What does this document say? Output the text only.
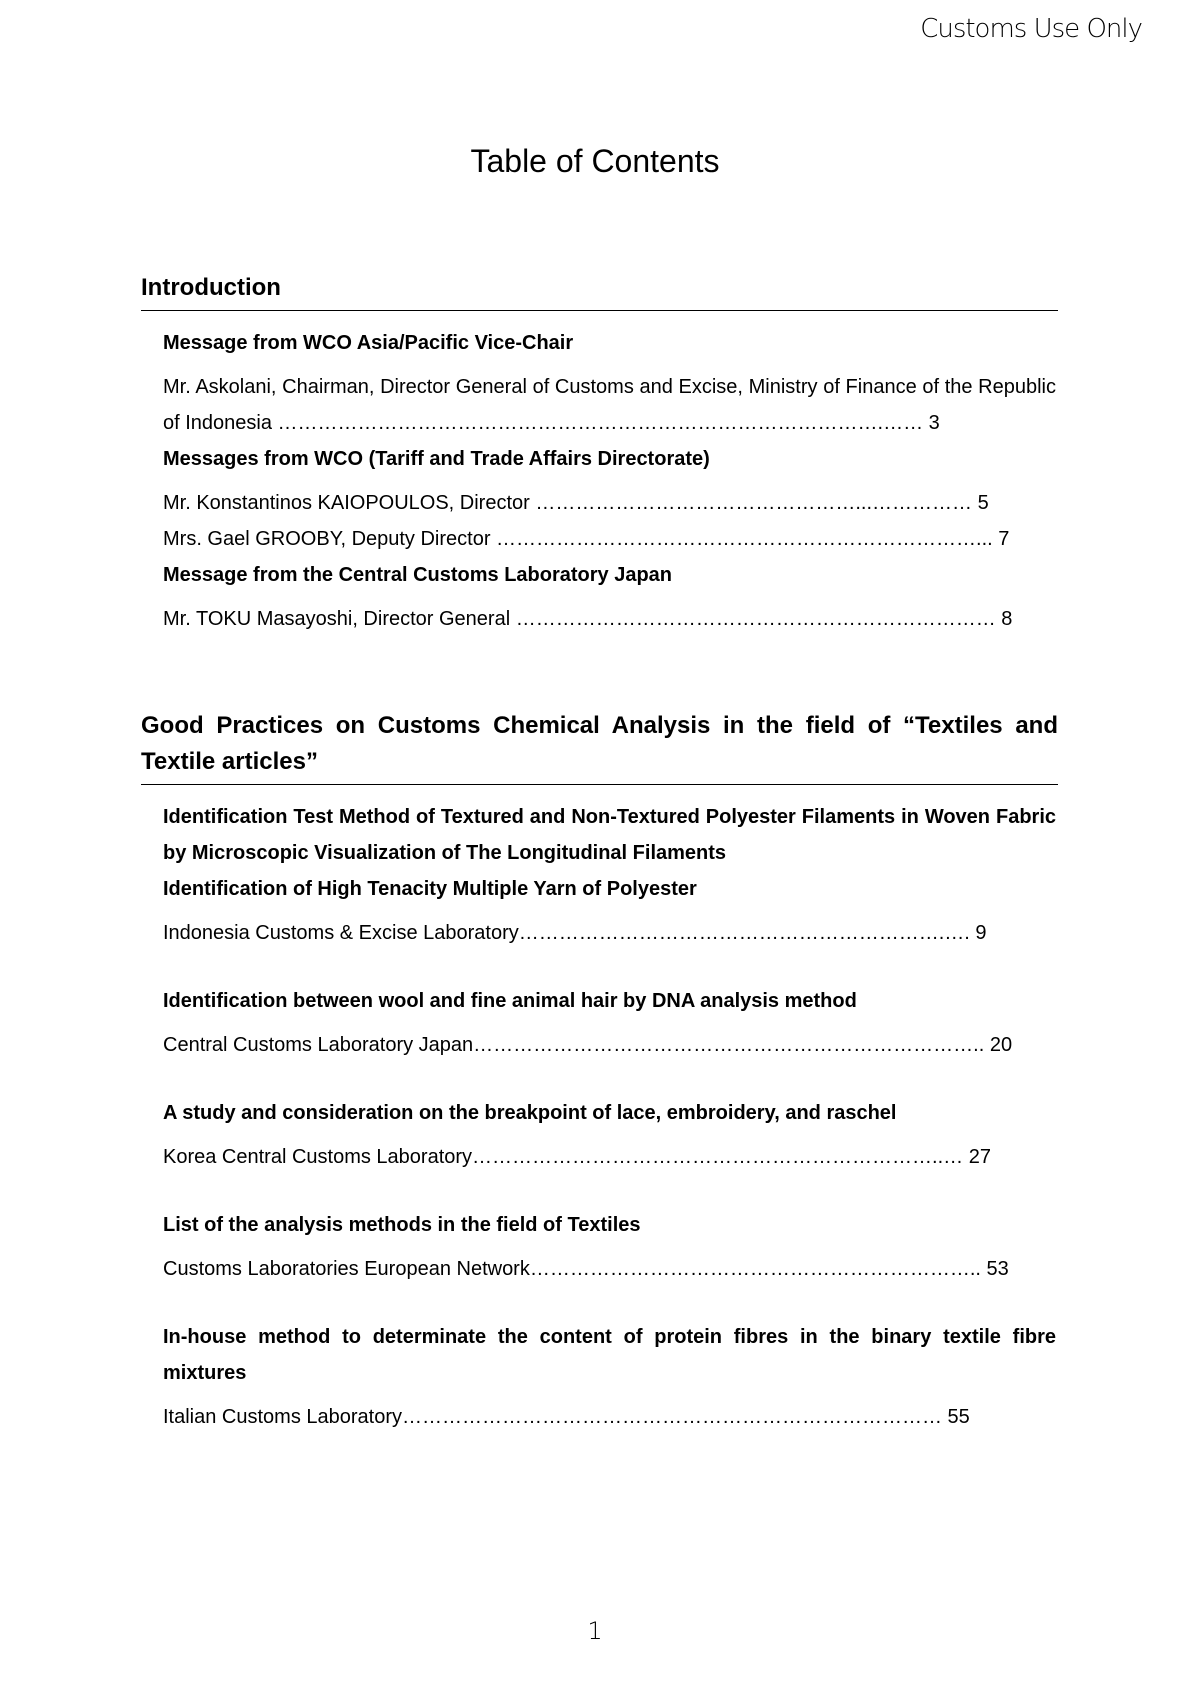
Customs Use Only
Table of Contents
Introduction
Message from WCO Asia/Pacific Vice-Chair
Mr. Askolani, Chairman, Director General of Customs and Excise, Ministry of Finance of the Republic of Indonesia ……………………………………………………………………………….…… 3
Messages from WCO (Tariff and Trade Affairs Directorate)
Mr. Konstantinos KAIOPOULOS, Director …………………………………………...…………… 5
Mrs. Gael GROOBY, Deputy Director ………………………………………………………………... 7
Message from the Central Customs Laboratory Japan
Mr. TOKU Masayoshi, Director General ……………………………………………………………… 8
Good Practices on Customs Chemical Analysis in the field of “Textiles and Textile articles”
Identification Test Method of Textured and Non-Textured Polyester Filaments in Woven Fabric by Microscopic Visualization of The Longitudinal Filaments
Identification of High Tenacity Multiple Yarn of Polyester
Indonesia Customs & Excise Laboratory……………………………………………………….…. 9
Identification between wool and fine animal hair by DNA analysis method
Central Customs Laboratory Japan………………………………………………………………….. 20
A study and consideration on the breakpoint of lace, embroidery, and raschel
Korea Central Customs Laboratory……………………………………………………………..… 27
List of the analysis methods in the field of Textiles
Customs Laboratories European Network………………………………………………………….. 53
In-house method to determinate the content of protein fibres in the binary textile fibre mixtures
Italian Customs Laboratory……………………………………………………………………… 55
1
